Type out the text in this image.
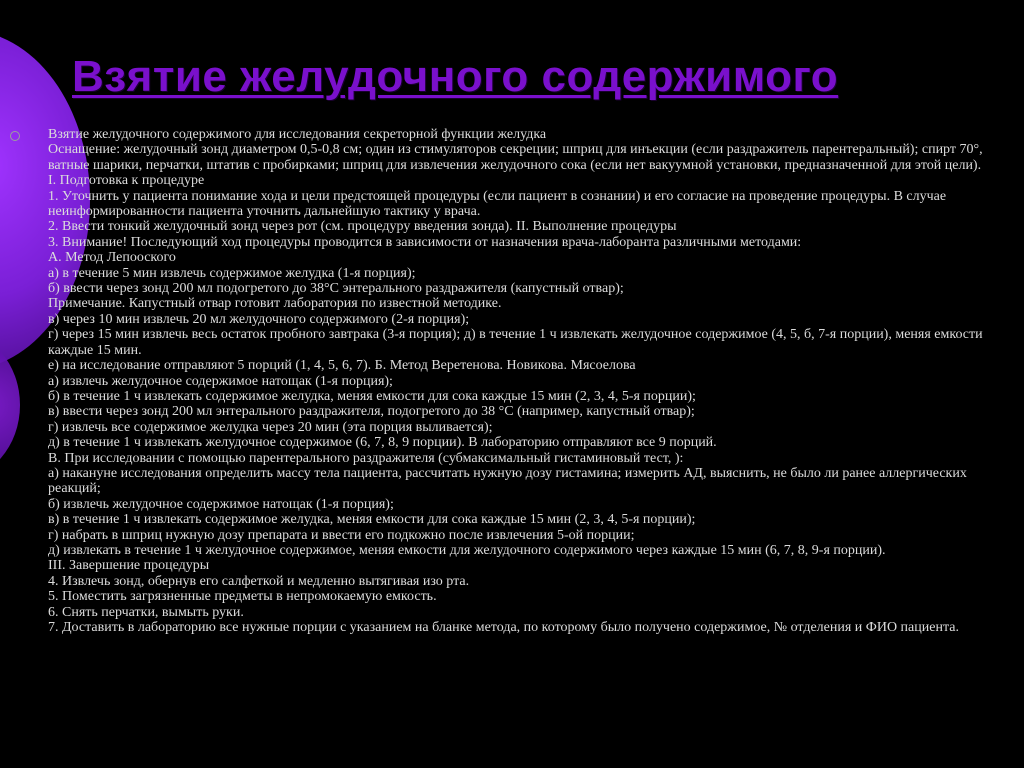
Взятие желудочного содержимого

Взятие желудочного содержимого для исследования секреторной функции желудка

Оснащение: желудочный зонд диаметром 0,5-0,8 см; один из стимуляторов секреции; шприц для инъекции (если раздражитель парентеральный); спирт 70°, ватные шарики, перчатки, штатив с пробирками; шприц для извлечения желудочного сока (если нет вакуумной установки, предназначенной для этой цели).

I. Подготовка к процедуре

1. Уточнить у пациента понимание хода и цели предстоящей процедуры (если пациент в сознании) и его согласие на проведение процедуры. В случае неинформированности пациента уточнить дальнейшую тактику у врача.

2. Ввести тонкий желудочный зонд через рот (см. процедуру введения зонда). II. Выполнение процедуры

3. Внимание! Последующий ход процедуры проводится в зависимости от назначения врача-лаборанта различными методами:

А. Метод Лепооского

а) в течение 5 мин извлечь содержимое желудка (1-я порция);

б) ввести через зонд 200 мл подогретого до 38°С энтерального раздражителя (капустный отвар);

Примечание. Капустный отвар готовит лаборатория по известной методике.

в) через 10 мин извлечь 20 мл желудочного содержимого (2-я порция);

г) через 15 мин извлечь весь остаток пробного завтрака (3-я порция); д) в течение 1 ч извлекать желудочное содержимое (4, 5, б, 7-я порции), меняя емкости каждые 15 мин.

е) на исследование отправляют 5 порций (1, 4, 5, 6, 7). Б. Метод Веретенова. Новикова. Мясоелова

а) извлечь желудочное содержимое натощак (1-я порция);

б) в течение 1 ч извлекать содержимое желудка, меняя емкости для сока каждые 15 мин (2, 3, 4, 5-я порции);

в) ввести через зонд 200 мл энтерального раздражителя, подогретого до 38 °С (например, капустный отвар);

г) извлечь все содержимое желудка через 20 мин (эта порция выливается);

д) в течение 1 ч извлекать желудочное содержимое (6, 7, 8, 9 порции). В лабораторию отправляют все 9 порций.

В. При исследовании с помощью парентерального раздражителя (субмаксимальный гистаминовый тест, ):

а) накануне исследования определить массу тела пациента, рассчитать нужную дозу гистамина; измерить АД, выяснить, не было ли ранее аллергических реакций;

б) извлечь желудочное содержимое натощак (1-я порция);

в) в течение 1 ч извлекать содержимое желудка, меняя емкости для сока каждые 15 мин (2, 3, 4, 5-я порции);

г) набрать в шприц нужную дозу препарата и ввести его подкожно после извлечения 5-ой порции;

д) извлекать в течение 1 ч желудочное содержимое, меняя емкости для желудочного содержимого через каждые 15 мин (6, 7, 8, 9-я порции).

III. Завершение процедуры

4. Извлечь зонд, обернув его салфеткой и медленно вытягивая изо рта.

5. Поместить загрязненные предметы в непромокаемую емкость.

6. Снять перчатки, вымыть руки.

7. Доставить в лабораторию все нужные порции с указанием на бланке метода, по которому было получено содержимое, № отделения и ФИО пациента.
